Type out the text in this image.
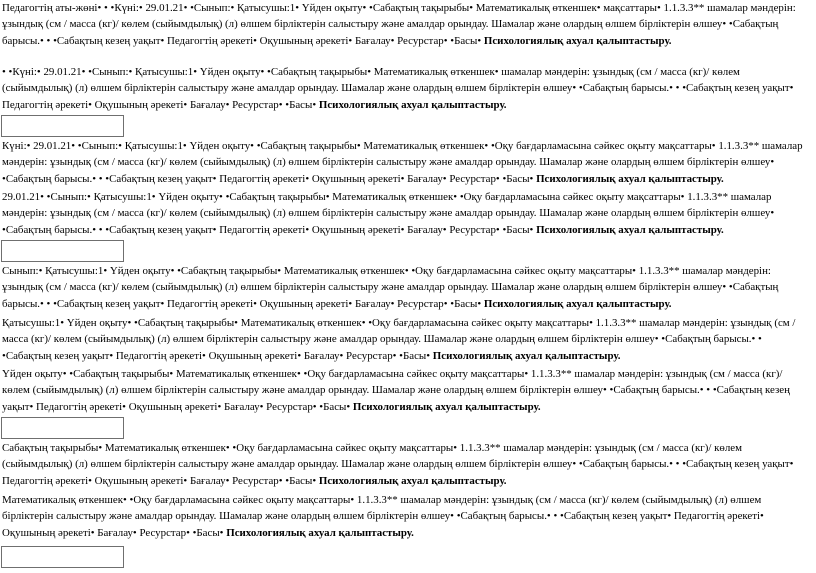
Педагогтің аты-жөні• • •Күні:• 29.01.21• •Сынып:• Қатысушы:1• Үйден оқыту• •Сабақтың тақырыбы• Математикалық өткеншек• мақсаттары• 1.1.3.3** шамалар мәндерін: ұзындық (см / масса (кг)/ көлем (сыйымдылық) (л) өлшем бірліктерін салыстыру және амалдар орындау. Шамалар және олардың өлшем бірліктерін өлшеу• •Сабақтың барысы.• • •Сабақтың кезең уақыт• Педагогтің әрекеті• Оқушының әрекеті• Бағалау• Ресурстар• •Басы• Психологиялық ахуал қалыптастыру.

• •Күні:• 29.01.21• •Сынып:• Қатысушы:1• Үйден оқыту• •Сабақтың тақырыбы• Математикалық өткеншек• шамалар мәндерін: ұзындық (см / масса (кг)/ көлем (сыйымдылық) (л) өлшем бірліктерін салыстыру және амалдар орындау. Шамалар және олардың өлшем бірліктерін өлшеу• •Сабақтың барысы.• • •Сабақтың кезең уақыт• Педагогтің әрекеті• Оқушының әрекеті• Бағалау• Ресурстар• •Басы• Психологиялық ахуал қалыптастыру.

Күні:• 29.01.21• •Сынып:• Қатысушы:1• Үйден оқыту• •Сабақтың тақырыбы• Математикалық өткеншек• •Оқу бағдарламасына сәйкес оқыту мақсаттары• 1.1.3.3** шамалар мәндерін: ұзындық (см / масса (кг)/ көлем (сыйымдылық) (л) өлшем бірліктерін салыстыру және амалдар орындау. Шамалар және олардың өлшем бірліктерін өлшеу• •Сабақтың барысы.• • •Сабақтың кезең уақыт• Педагогтің әрекеті• Оқушының әрекеті• Бағалау• Ресурстар• •Басы• Психологиялық ахуал қалыптастыру.

29.01.21• •Сынып:• Қатысушы:1• Үйден оқыту• •Сабақтың тақырыбы• Математикалық өткеншек• •Оқу бағдарламасына сәйкес оқыту мақсаттары• 1.1.3.3** шамалар мәндерін: ұзындық (см / масса (кг)/ көлем (сыйымдылық) (л) өлшем бірліктерін салыстыру және амалдар орындау. Шамалар және олардың өлшем бірліктерін өлшеу• •Сабақтың барысы.• • •Сабақтың кезең уақыт• Педагогтің әрекеті• Оқушының әрекеті• Бағалау• Ресурстар• •Басы• Психологиялық ахуал қалыптастыру.

Сынып:• Қатысушы:1• Үйден оқыту• •Сабақтың тақырыбы• Математикалық өткеншек• •Оқу бағдарламасына сәйкес оқыту мақсаттары• 1.1.3.3** шамалар мәндерін: ұзындық (см / масса (кг)/ көлем (сыйымдылық) (л) өлшем бірліктерін салыстыру және амалдар орындау. Шамалар және олардың өлшем бірліктерін өлшеу• •Сабақтың барысы.• • •Сабақтың кезең уақыт• Педагогтің әрекеті• Оқушының әрекеті• Бағалау• Ресурстар• •Басы• Психологиялық ахуал қалыптастыру.

Қатысушы:1• Үйден оқыту• •Сабақтың тақырыбы• Математикалық өткеншек• •Оқу бағдарламасына сәйкес оқыту мақсаттары• 1.1.3.3** шамалар мәндерін: ұзындық (см / масса (кг)/ көлем (сыйымдылық) (л) өлшем бірліктерін салыстыру және амалдар орындау. Шамалар және олардың өлшем бірліктерін өлшеу• •Сабақтың барысы.• • •Сабақтың кезең уақыт• Педагогтің әрекеті• Оқушының әрекеті• Бағалау• Ресурстар• •Басы• Психологиялық ахуал қалыптастыру.

Үйден оқыту• •Сабақтың тақырыбы• Математикалық өткеншек• •Оқу бағдарламасына сәйкес оқыту мақсаттары• 1.1.3.3** шамалар мәндерін: ұзындық (см / масса (кг)/ көлем (сыйымдылық) (л) өлшем бірліктерін салыстыру және амалдар орындау. Шамалар және олардың өлшем бірліктерін өлшеу• •Сабақтың барысы.• • •Сабақтың кезең уақыт• Педагогтің әрекеті• Оқушының әрекеті• Бағалау• Ресурстар• •Басы• Психологиялық ахуал қалыптастыру.

Сабақтың тақырыбы• Математикалық өткеншек• •Оқу бағдарламасына сәйкес оқыту мақсаттары• 1.1.3.3** шамалар мәндерін: ұзындық (см / масса (кг)/ көлем (сыйымдылық) (л) өлшем бірліктерін салыстыру және амалдар орындау. Шамалар және олардың өлшем бірліктерін өлшеу• •Сабақтың барысы.• • •Сабақтың кезең уақыт• Педагогтің әрекеті• Оқушының әрекеті• Бағалау• Ресурстар• •Басы• Психологиялық ахуал қалыптастыру.

Математикалық өткеншек• •Оқу бағдарламасына сәйкес оқыту мақсаттары• 1.1.3.3** шамалар мәндерін: ұзындық (см / масса (кг)/ көлем (сыйымдылық) (л) өлшем бірліктерін салыстыру және амалдар орындау. Шамалар және олардың өлшем бірліктерін өлшеу• •Сабақтың барысы.• • •Сабақтың кезең уақыт• Педагогтің әрекеті• Оқушының әрекеті• Бағалау• Ресурстар• •Басы• Психологиялық ахуал қалыптастыру.
